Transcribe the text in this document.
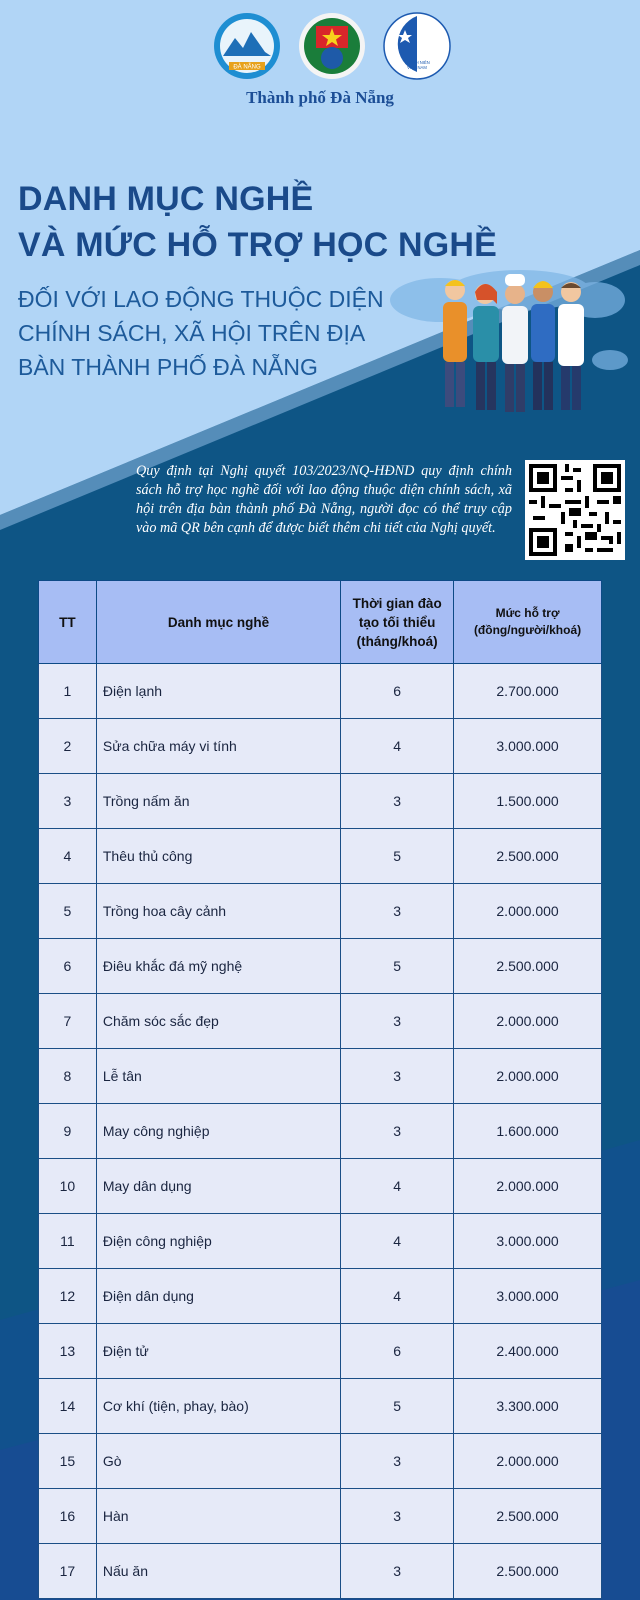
ĐÀ NẴNG
THANH NIÊN
VIỆT NAM
Thành phố Đà Nẵng
DANH MỤC NGHỀ
VÀ MỨC HỖ TRỢ HỌC NGHỀ
ĐỐI VỚI LAO ĐỘNG THUỘC DIỆN
CHÍNH SÁCH, XÃ HỘI TRÊN ĐỊA
BÀN THÀNH PHỐ ĐÀ NẴNG
Quy định tại Nghị quyết 103/2023/NQ-HĐND quy định chính sách hỗ trợ học nghề đối với lao động thuộc diện chính sách, xã hội trên địa bàn thành phố Đà Nẵng, người đọc có thể truy cập vào mã QR bên cạnh để được biết thêm chi tiết của Nghị quyết.
TT	Danh mục nghề	Thời gian đào tạo tối thiểu (tháng/khoá)	Mức hỗ trợ (đồng/người/khoá)
1	Điện lạnh	6	2.700.000
2	Sửa chữa máy vi tính	4	3.000.000
3	Trồng nấm ăn	3	1.500.000
4	Thêu thủ công	5	2.500.000
5	Trồng hoa cây cảnh	3	2.000.000
6	Điêu khắc đá mỹ nghệ	5	2.500.000
7	Chăm sóc sắc đẹp	3	2.000.000
8	Lễ tân	3	2.000.000
9	May công nghiệp	3	1.600.000
10	May dân dụng	4	2.000.000
11	Điện công nghiệp	4	3.000.000
12	Điện dân dụng	4	3.000.000
13	Điện tử	6	2.400.000
14	Cơ khí (tiện, phay, bào)	5	3.300.000
15	Gò	3	2.000.000
16	Hàn	3	2.500.000
17	Nấu ăn	3	2.500.000
